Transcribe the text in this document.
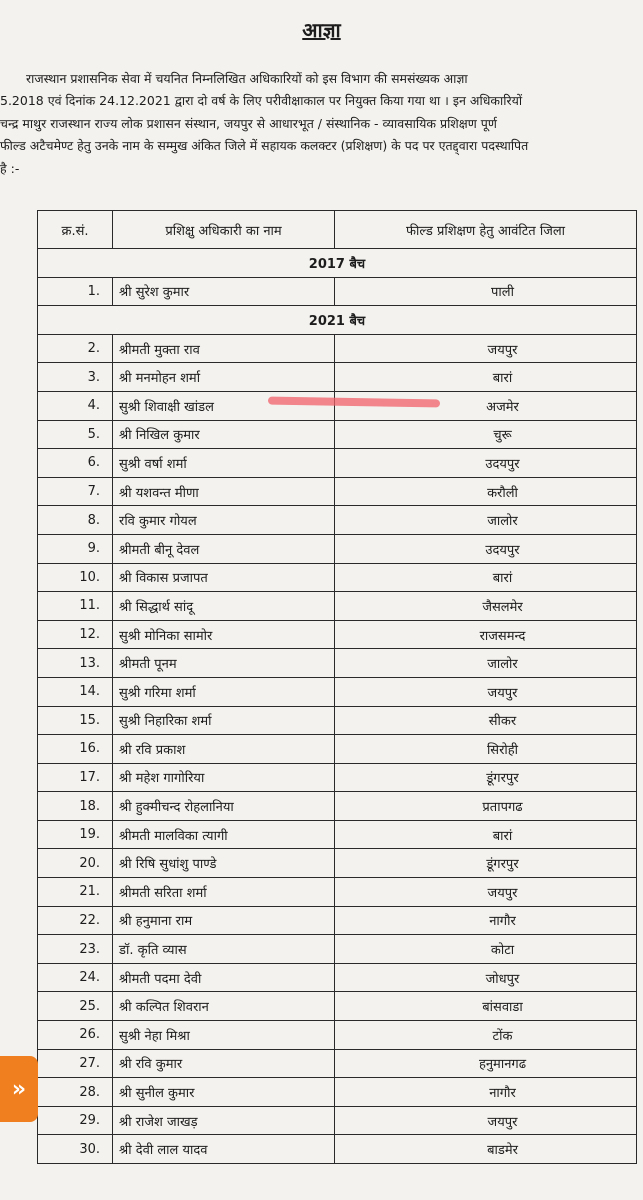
आज्ञा
राजस्थान प्रशासनिक सेवा में चयनित निम्नलिखित अधिकारियों को इस विभाग की समसंख्यक आज्ञा
5.2018 एवं दिनांक 24.12.2021 द्वारा दो वर्ष के लिए परीवीक्षाकाल पर नियुक्त किया गया था । इन अधिकारियों
चन्द्र माथुर राजस्थान राज्य लोक प्रशासन संस्थान, जयपुर से आधारभूत / संस्थानिक - व्यावसायिक प्रशिक्षण पूर्ण
फील्ड अटैचमेण्ट हेतु उनके नाम के सम्मुख अंकित जिले में सहायक कलक्टर (प्रशिक्षण) के पद पर एतद्द्वारा पदस्थापित
है :-
क्र.सं.	प्रशिक्षु अधिकारी का नाम	फील्ड प्रशिक्षण हेतु आवंटित जिला
2017 बैच		
1.	श्री सुरेश कुमार	पाली
2021 बैच		
2.	श्रीमती मुक्ता राव	जयपुर
3.	श्री मनमोहन शर्मा	बारां
4.	सुश्री शिवाक्षी खांडल	अजमेर
5.	श्री निखिल कुमार	चुरू
6.	सुश्री वर्षा शर्मा	उदयपुर
7.	श्री यशवन्त मीणा	करौली
8.	रवि कुमार गोयल	जालोर
9.	श्रीमती बीनू देवल	उदयपुर
10.	श्री विकास प्रजापत	बारां
11.	श्री सिद्धार्थ सांदू	जैसलमेर
12.	सुश्री मोनिका सामोर	राजसमन्द
13.	श्रीमती पूनम	जालोर
14.	सुश्री गरिमा शर्मा	जयपुर
15.	सुश्री निहारिका शर्मा	सीकर
16.	श्री रवि प्रकाश	सिरोही
17.	श्री महेश गागोरिया	डूंगरपुर
18.	श्री हुक्मीचन्द रोहलानिया	प्रतापगढ
19.	श्रीमती मालविका त्यागी	बारां
20.	श्री रिषि सुधांशु पाण्डे	डूंगरपुर
21.	श्रीमती सरिता शर्मा	जयपुर
22.	श्री हनुमाना राम	नागौर
23.	डॉ. कृति व्यास	कोटा
24.	श्रीमती पदमा देवी	जोधपुर
25.	श्री कल्पित शिवरान	बांसवाडा
26.	सुश्री नेहा मिश्रा	टोंक
27.	श्री रवि कुमार	हनुमानगढ
28.	श्री सुनील कुमार	नागौर
29.	श्री राजेश जाखड़	जयपुर
30.	श्री देवी लाल यादव	बाडमेर
»
